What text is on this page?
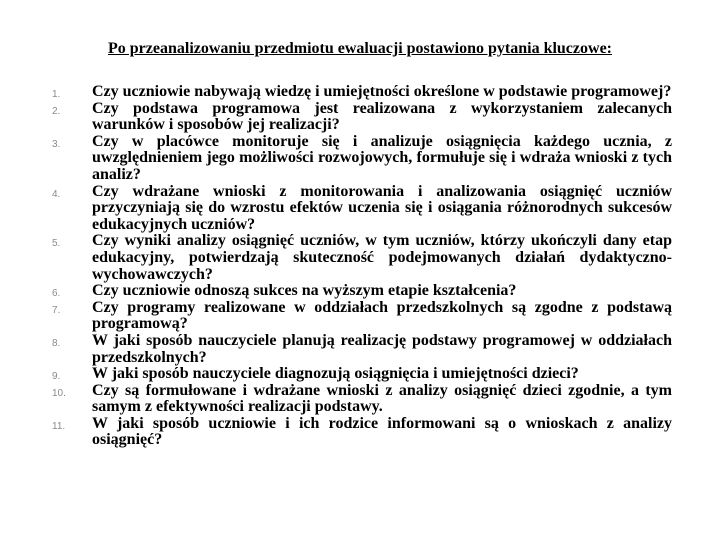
Po przeanalizowaniu przedmiotu ewaluacji postawiono pytania kluczowe:
1.	Czy uczniowie nabywają wiedzę i umiejętności określone w podstawie programowej?
2.	Czy podstawa programowa jest realizowana z wykorzystaniem zalecanych warunków i sposobów jej realizacji?
3.	Czy w placówce monitoruje się i analizuje osiągnięcia każdego ucznia, z uwzględnieniem jego możliwości rozwojowych, formułuje się i wdraża wnioski z tych analiz?
4.	Czy wdrażane wnioski z monitorowania i analizowania osiągnięć uczniów przyczyniają się do wzrostu efektów uczenia się i osiągania różnorodnych sukcesów edukacyjnych uczniów?
5.	Czy wyniki analizy osiągnięć uczniów, w tym uczniów, którzy ukończyli dany etap edukacyjny, potwierdzają skuteczność podejmowanych działań dydaktyczno-wychowawczych?
6.	Czy uczniowie odnoszą sukces na wyższym etapie kształcenia?
7.	Czy programy realizowane w oddziałach przedszkolnych są zgodne z podstawą programową?
8.	W jaki sposób nauczyciele planują realizację podstawy programowej w oddziałach przedszkolnych?
9.	W jaki sposób nauczyciele diagnozują osiągnięcia i umiejętności dzieci?
10.	Czy są formułowane i wdrażane wnioski z analizy osiągnięć dzieci zgodnie, a tym samym z efektywności realizacji podstawy.
11.	W jaki sposób uczniowie i ich rodzice informowani są o wnioskach z analizy osiągnięć?
